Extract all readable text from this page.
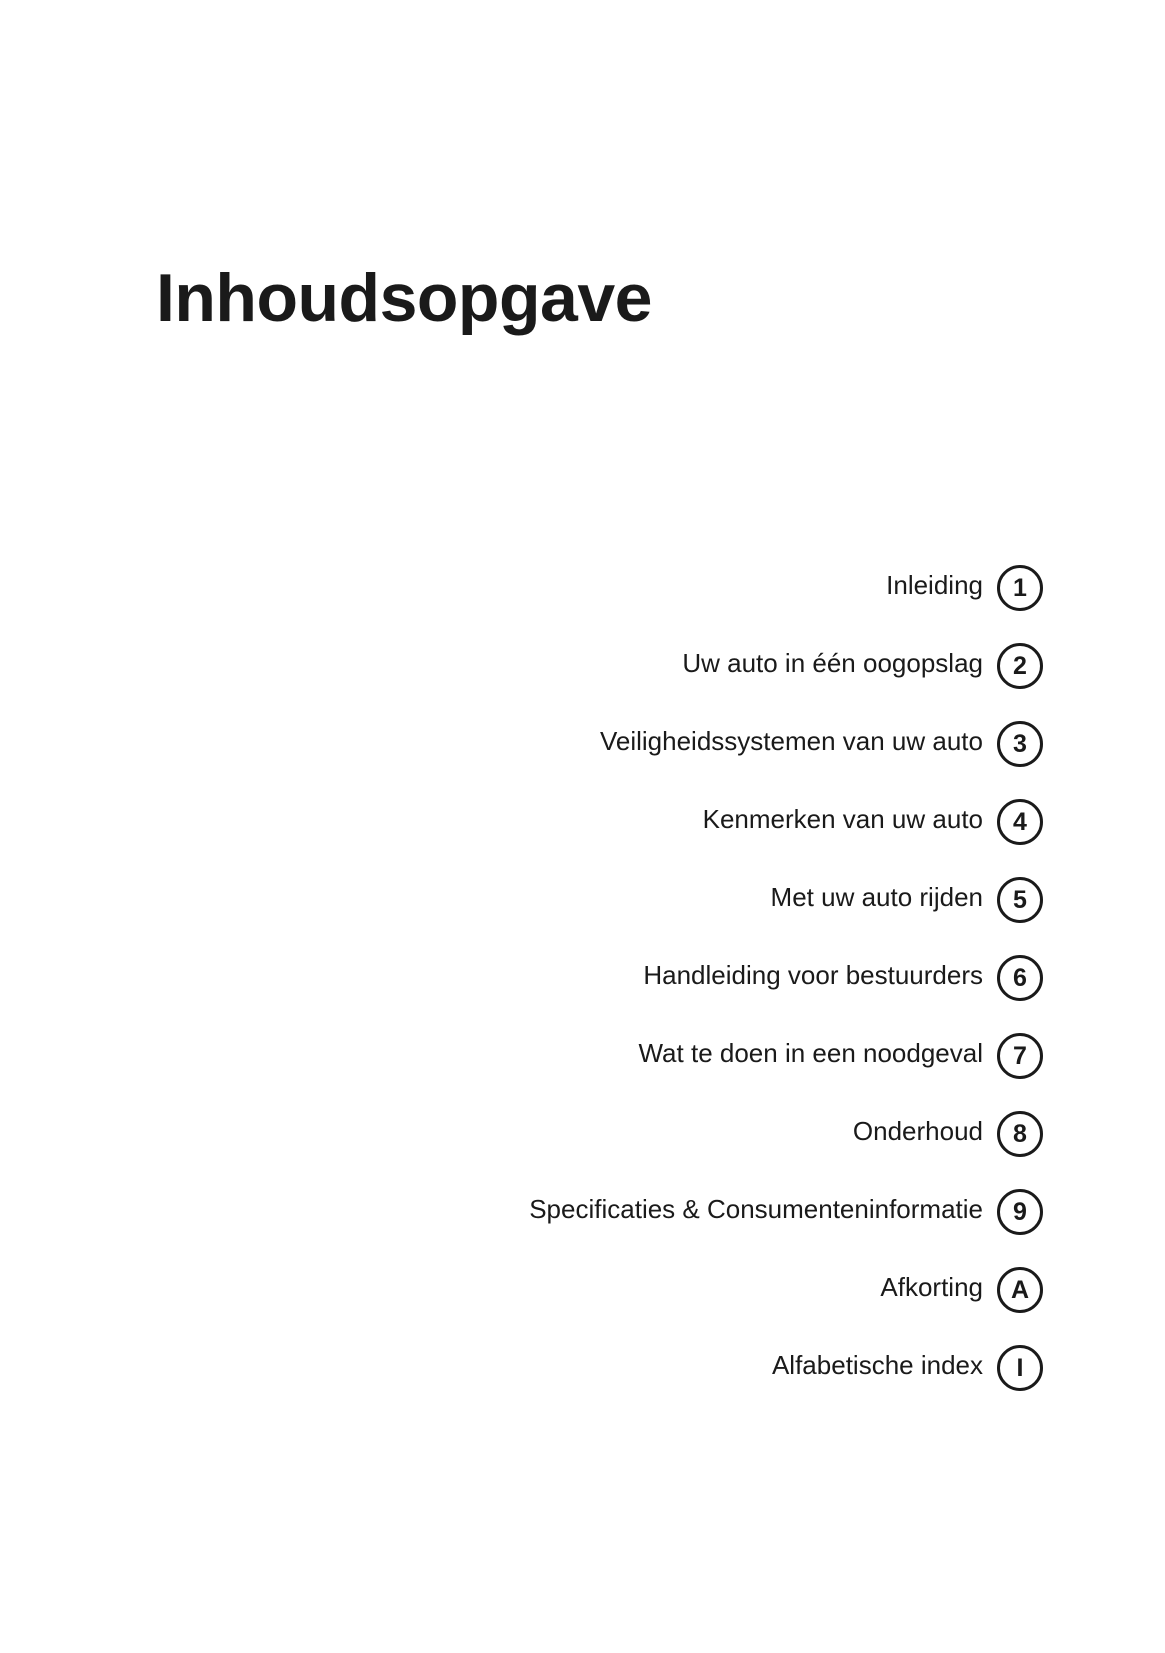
Inhoudsopgave
Inleiding	1
Uw auto in één oogopslag	2
Veiligheidssystemen van uw auto	3
Kenmerken van uw auto	4
Met uw auto rijden	5
Handleiding voor bestuurders	6
Wat te doen in een noodgeval	7
Onderhoud	8
Specificaties & Consumenteninformatie	9
Afkorting	A
Alfabetische index	I
